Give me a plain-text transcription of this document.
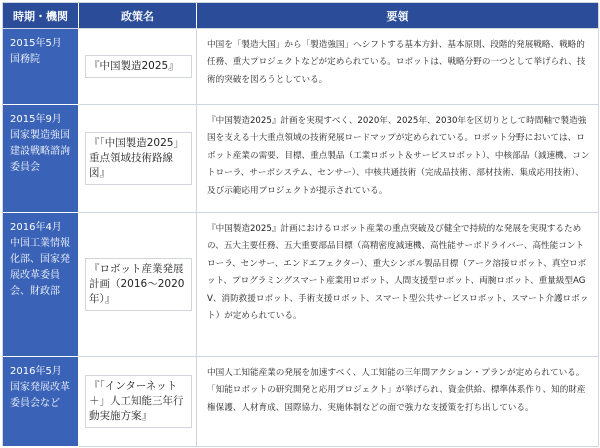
時期・機関	政策名	要領
2015年5月
国務院
『中国製造2025』
中国を「製造大国」から「製造強国」へシフトする基本方針、基本原則、段階的発展戦略、戦略的任務、重大プロジェクトなどが定められている。ロボットは、戦略分野の一つとして挙げられ、技術的突破を図ろうとしている。
2015年9月
国家製造強国建設戦略諮詢委員会
『「中国製造2025」重点領域技術路線図』
『中国製造2025』計画を実現すべく、2020年、2025年、2030年を区切りとして時間軸で製造強国を支える十大重点領域の技術発展ロードマップが定められている。ロボット分野においては、ロボット産業の需要、目標、重点製品（工業ロボット＆サービスロボット）、中核部品（減速機、コントローラ、サーボシステム、センサー）、中核共通技術（完成品技術、部材技術、集成応用技術）、及び示範応用プロジェクトが提示されている。
2016年4月
中国工業情報化部、国家発展改革委員会、財政部
『ロボット産業発展計画（2016～2020年）』
『中国製造2025』計画におけるロボット産業の重点突破及び健全で持続的な発展を実現するための、五大主要任務、五大重要部品目標（高精密度減速機、高性能サーボドライバー、高性能コントローラ、センサー、エンドエフェクター）、重大シンボル製品目標（アーク溶接ロボット、真空ロボット、プログラミングスマート産業用ロボット、人間支援型ロボット、両腕ロボット、重量級型AGV、消防救援ロボット、手術支援ロボット、スマート型公共サービスロボット、スマート介護ロボット）が定められている。
2016年5月
国家発展改革委員会など
『「インターネット＋」人工知能三年行動実施方案』
中国人工知能産業の発展を加速すべく、人工知能の三年間アクション・プランが定められている。「知能ロボットの研究開発と応用プロジェクト」が挙げられ、資金供給、標準体系作り、知的財産権保護、人材育成、国際協力、実施体制などの面で強力な支援策を打ち出している。
